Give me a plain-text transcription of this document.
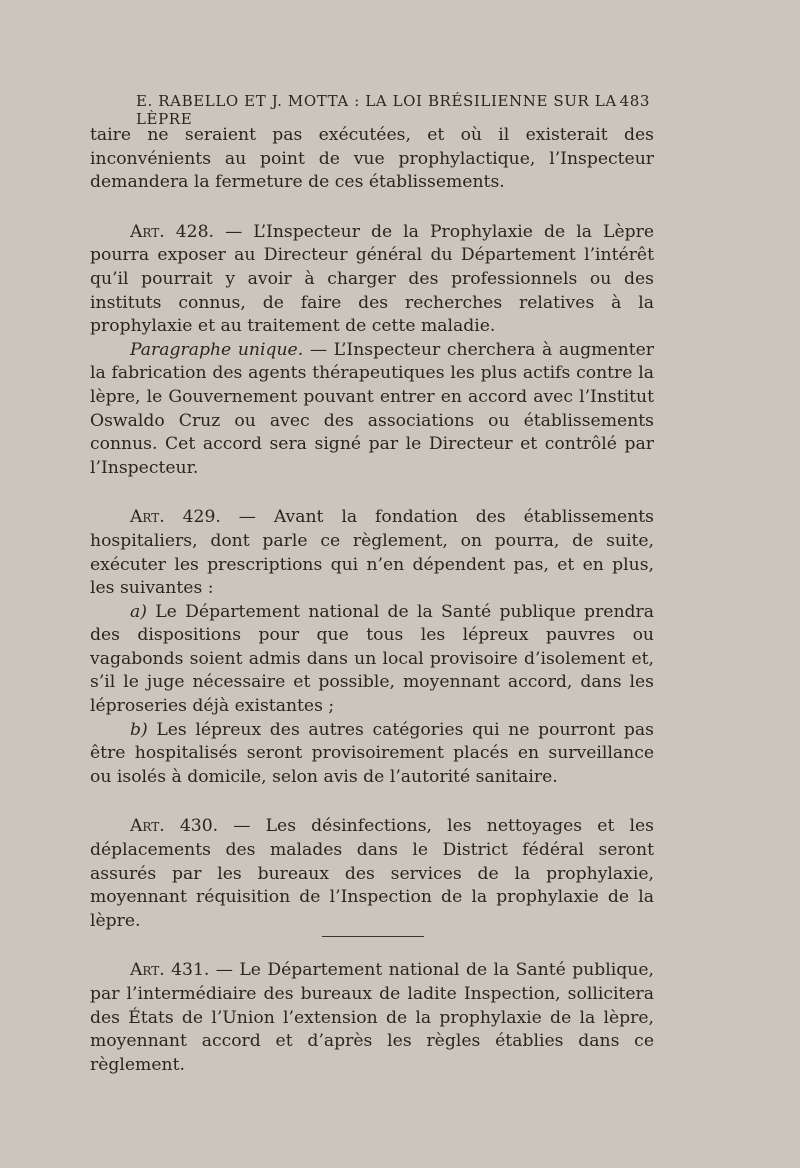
E. RABELLO ET J. MOTTA : LA LOI BRÉSILIENNE SUR LA LÈPRE
483

taire ne seraient pas exécutées, et où il existerait des inconvénients au point de vue prophylactique, l’Inspecteur demandera la fermeture de ces établissements.

Art. 428. — L’Inspecteur de la Prophylaxie de la Lèpre pourra exposer au Directeur général du Département l’intérêt qu’il pourrait y avoir à charger des professionnels ou des instituts connus, de faire des recherches relatives à la prophylaxie et au traitement de cette maladie.

Paragraphe unique. — L’Inspecteur cherchera à augmenter la fabrication des agents thérapeutiques les plus actifs contre la lèpre, le Gouvernement pouvant entrer en accord avec l’Institut Oswaldo Cruz ou avec des associations ou établissements connus. Cet accord sera signé par le Directeur et contrôlé par l’Inspecteur.

Art. 429. — Avant la fondation des établissements hospitaliers, dont parle ce règlement, on pourra, de suite, exécuter les prescriptions qui n’en dépendent pas, et en plus, les suivantes :

a) Le Département national de la Santé publique prendra des dispositions pour que tous les lépreux pauvres ou vagabonds soient admis dans un local provisoire d’isolement et, s’il le juge nécessaire et possible, moyennant accord, dans les léproseries déjà existantes ;

b) Les lépreux des autres catégories qui ne pourront pas être hospitalisés seront provisoirement placés en surveillance ou isolés à domicile, selon avis de l’autorité sanitaire.

Art. 430. — Les désinfections, les nettoyages et les déplacements des malades dans le District fédéral seront assurés par les bureaux des services de la prophylaxie, moyennant réquisition de l’Inspection de la prophylaxie de la lèpre.

Art. 431. — Le Département national de la Santé publique, par l’intermédiaire des bureaux de ladite Inspection, sollicitera des États de l’Union l’extension de la prophylaxie de la lèpre, moyennant accord et d’après les règles établies dans ce règlement.
